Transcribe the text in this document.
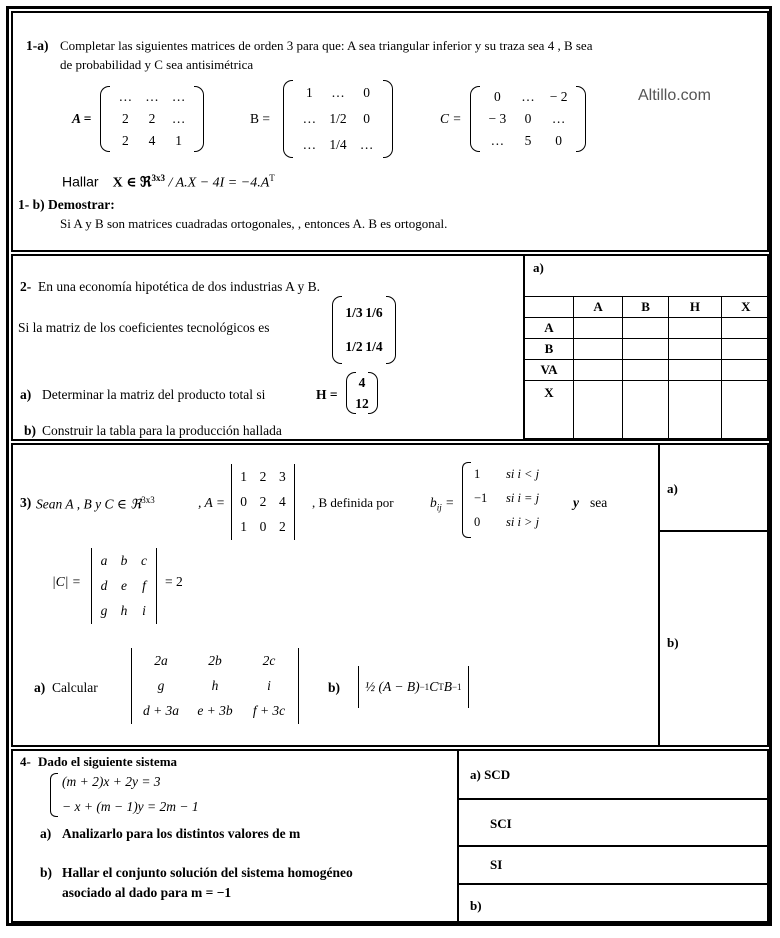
1-a) Completar las siguientes matrices de orden 3 para que: A sea triangular inferior y su traza sea 4 , B sea
de probabilidad y C sea antisimétrica
Altillo.com
A =
… … …
2	2	…
2	4	1
B =
1	…	0
… 1/2	0
… 1/4 …
C =
0	…	− 2
− 3	0	…
…	5	0
Hallar X ∈ ℜ$^{3x3}$ / $A.X - 4I = -4.A^T$
1- b) Demostrar:
Si A y B son matrices cuadradas ortogonales, , entonces A. B es ortogonal.
2- En una economía hipotética de dos industrias A y B.
Si la matriz de los coeficientes tecnológicos es
1/3 1/6
1/2 1/4
a) Determinar la matriz del producto total si	H =
4
12
b) Construir la tabla para la producción hallada
a)
	A	B	H	X
A				
B				
VA				
X				
a)
b)
3) Sean A , B y C ∈ ℜ$^{3x3}$	, A =
1 2 3
0 2 4
1 0 2
, B definida por	$b_{ij}$ =
1 si i < j
−1 si i = j
0 si i > j
y sea
|C| =
a b	c
d	e	f
g h	i
= 2
a) Calcular
2a	2b	2c
g	h	i
d + 3a	e + 3b	f + 3c
b) ½ (A − B) −1 C T B −1
a) SCD
SCI
SI
b)
4- Dado el siguiente sistema
(m + 2)x + 2y = 3
− x + (m − 1)y = 2m − 1
a) Analizarlo para los distintos valores de m
b) Hallar el conjunto solución del sistema homogéneo
asociado al dado para m = −1
